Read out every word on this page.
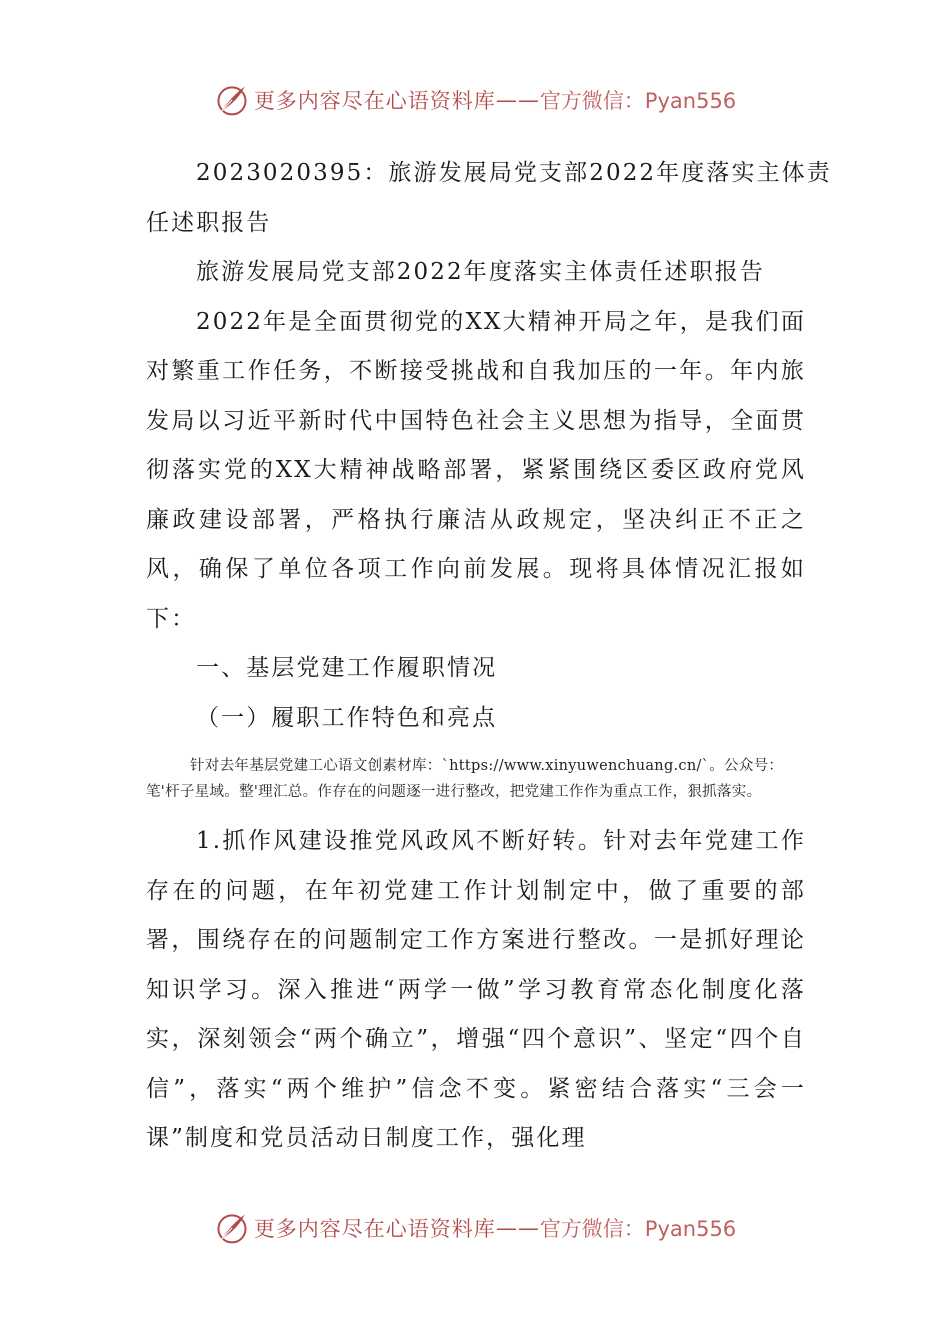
更多内容尽在心语资料库 —— 官方微信：Pyan556

2023020395：旅游发展局党支部2022年度落实主体责

任述职报告

旅游发展局党支部2022年度落实主体责任述职报告

2022年是全面贯彻党的XX大精神开局之年，是我们面对繁重工作任务，不断接受挑战和自我加压的一年。年内旅发局以习近平新时代中国特色社会主义思想为指导，全面贯彻落实党的XX大精神战略部署，紧紧围绕区委区政府党风廉政建设部署，严格执行廉洁从政规定，坚决纠正不正之风，确保了单位各项工作向前发展。现将具体情况汇报如下：

一、基层党建工作履职情况

（一）履职工作特色和亮点

针对去年基层党建工心语文创素材库：`https://www.xinyuwenchuang.cn/`。公众号：笔'杆子星域。整'理汇总。作存在的问题逐一进行整改，把党建工作作为重点工作，狠抓落实。

1.抓作风建设推党风政风不断好转。针对去年党建工作存在的问题，在年初党建工作计划制定中，做了重要的部署，围绕存在的问题制定工作方案进行整改。一是抓好理论知识学习。深入推进“两学一做”学习教育常态化制度化落实，深刻领会“两个确立”，增强“四个意识”、坚定“四个自信”，落实“两个维护”信念不变。紧密结合落实“三会一课”制度和党员活动日制度工作，强化理

更多内容尽在心语资料库 —— 官方微信：Pyan556
